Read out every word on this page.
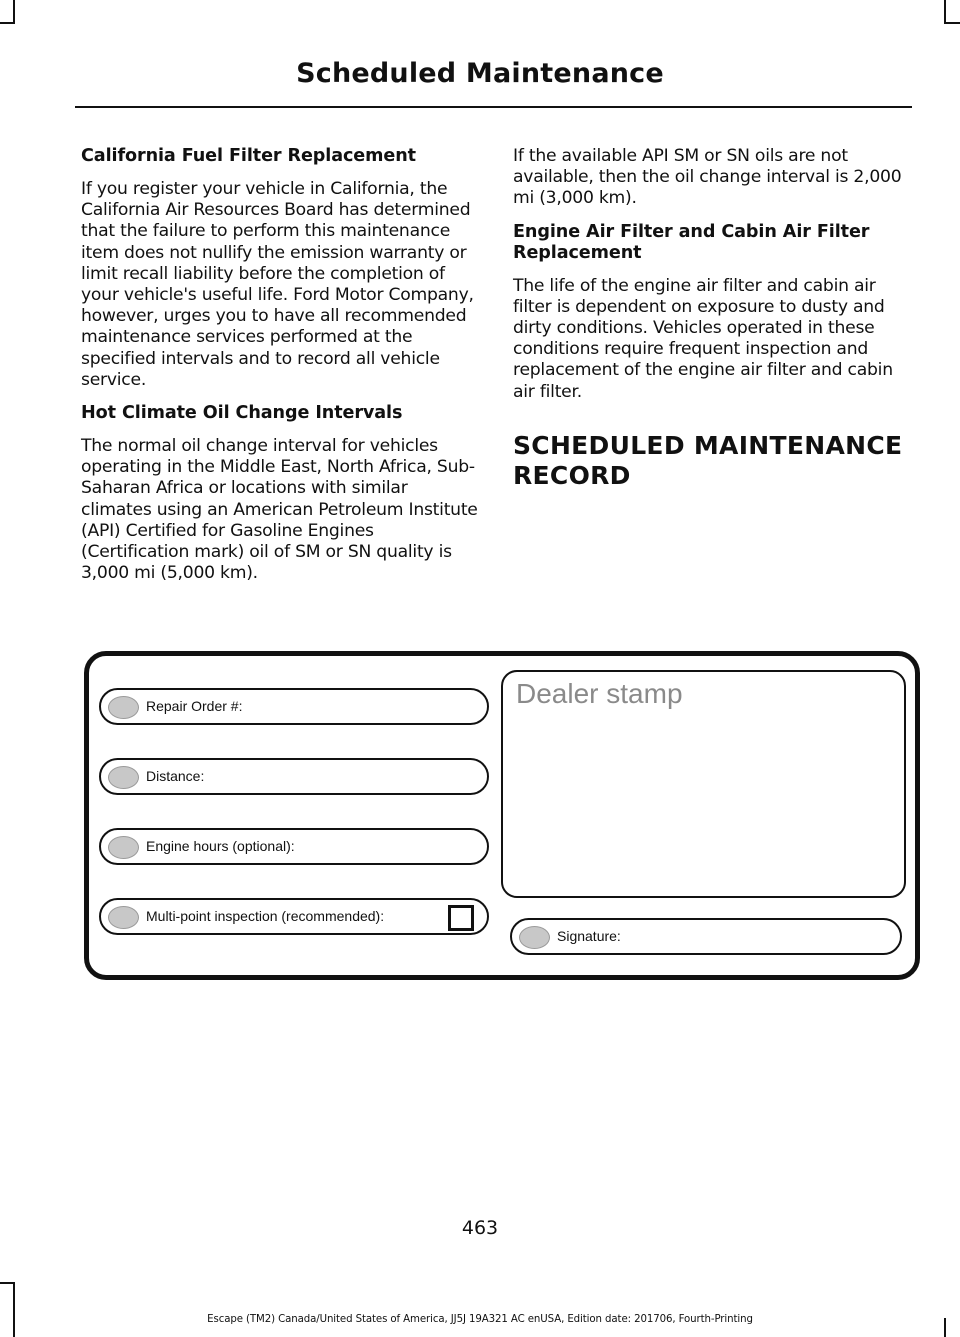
Scheduled Maintenance
California Fuel Filter Replacement

If you register your vehicle in California, the California Air Resources Board has determined that the failure to perform this maintenance item does not nullify the emission warranty or limit recall liability before the completion of your vehicle's useful life. Ford Motor Company, however, urges you to have all recommended maintenance services performed at the specified intervals and to record all vehicle service.

Hot Climate Oil Change Intervals

The normal oil change interval for vehicles operating in the Middle East, North Africa, Sub-Saharan Africa or locations with similar climates using an American Petroleum Institute (API) Certified for Gasoline Engines (Certification mark) oil of SM or SN quality is 3,000 mi (5,000 km).

If the available API SM or SN oils are not available, then the oil change interval is 2,000 mi (3,000 km).

Engine Air Filter and Cabin Air Filter Replacement

The life of the engine air filter and cabin air filter is dependent on exposure to dusty and dirty conditions. Vehicles operated in these conditions require frequent inspection and replacement of the engine air filter and cabin air filter.

SCHEDULED MAINTENANCE
RECORD
Repair Order #:
Distance:
Engine hours (optional):
Multi-point inspection (recommended):
Dealer stamp
Signature:
463
Escape (TM2) Canada/United States of America, JJ5J 19A321 AC enUSA, Edition date: 201706, Fourth-Printing
